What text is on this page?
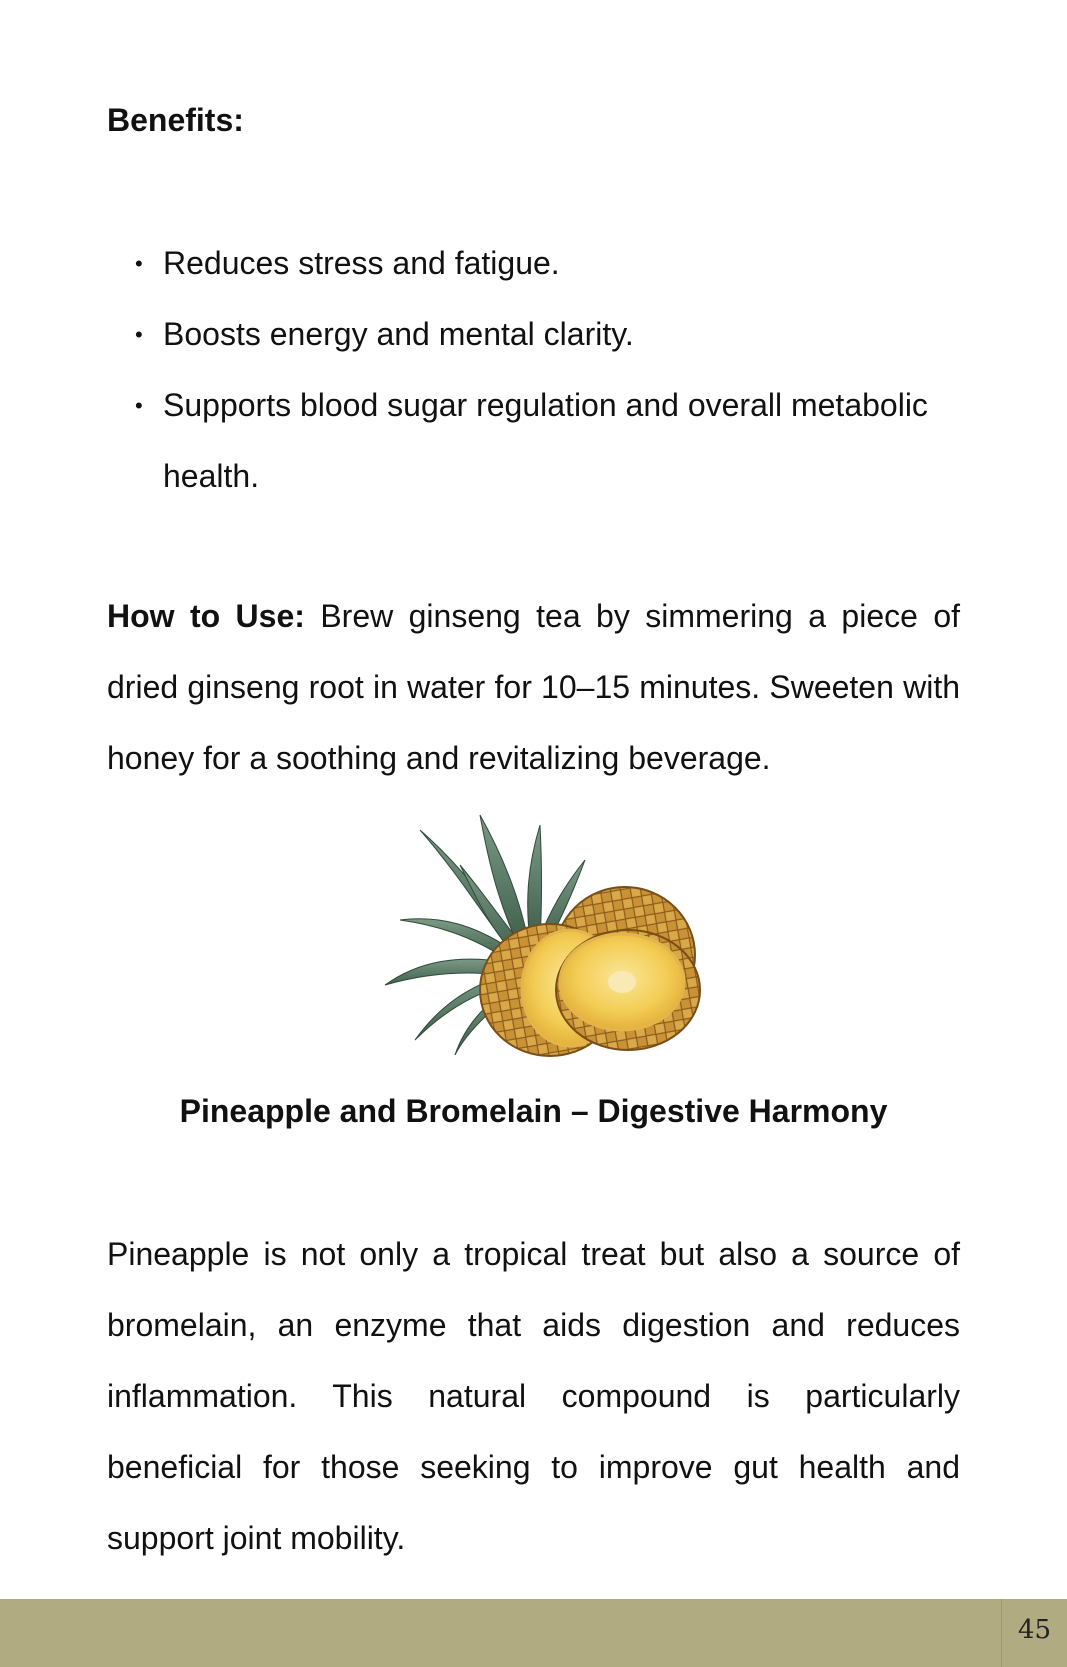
Benefits:
• Reduces stress and fatigue.
• Boosts energy and mental clarity.
• Supports blood sugar regulation and overall metabolic health.

How to Use: Brew ginseng tea by simmering a piece of dried ginseng root in water for 10–15 minutes. Sweeten with honey for a soothing and revitalizing beverage.

Pineapple and Bromelain – Digestive Harmony

Pineapple is not only a tropical treat but also a source of bromelain, an enzyme that aids digestion and reduces inflammation. This natural compound is particularly beneficial for those seeking to improve gut health and support joint mobility.

45
